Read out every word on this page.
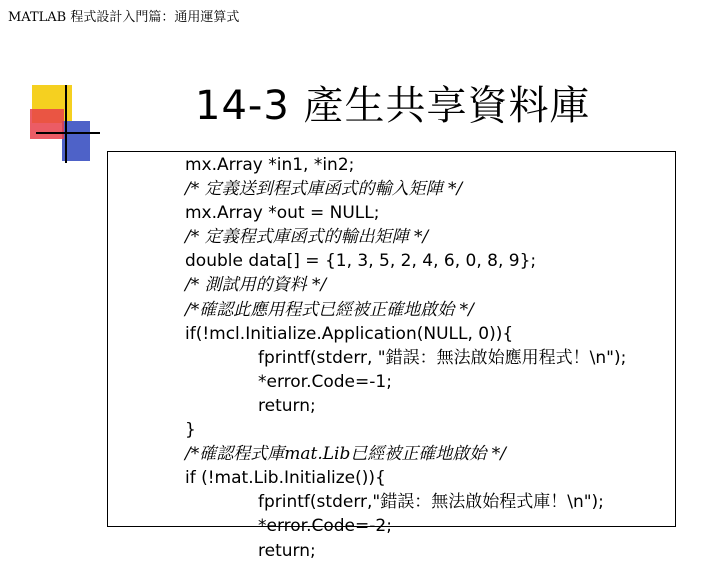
MATLAB 程式設計入門篇：通用運算式
14-3 產生共享資料庫
mx.Array *in1, *in2;
/* 定義送到程式庫函式的輸入矩陣 */
mx.Array *out = NULL;
/* 定義程式庫函式的輸出矩陣 */
double data[] = {1, 3, 5, 2, 4, 6, 0, 8, 9};
/* 測試用的資料 */
/*確認此應用程式已經被正確地啟始 */
if(!mcl.Initialize.Application(NULL, 0)){
fprintf(stderr, "錯誤：無法啟始應用程式！\n");
*error.Code=-1;
return;
}
/*確認程式庫mat.Lib已經被正確地啟始 */
if (!mat.Lib.Initialize()){
fprintf(stderr,"錯誤：無法啟始程式庫！\n");
*error.Code=-2;
return;
